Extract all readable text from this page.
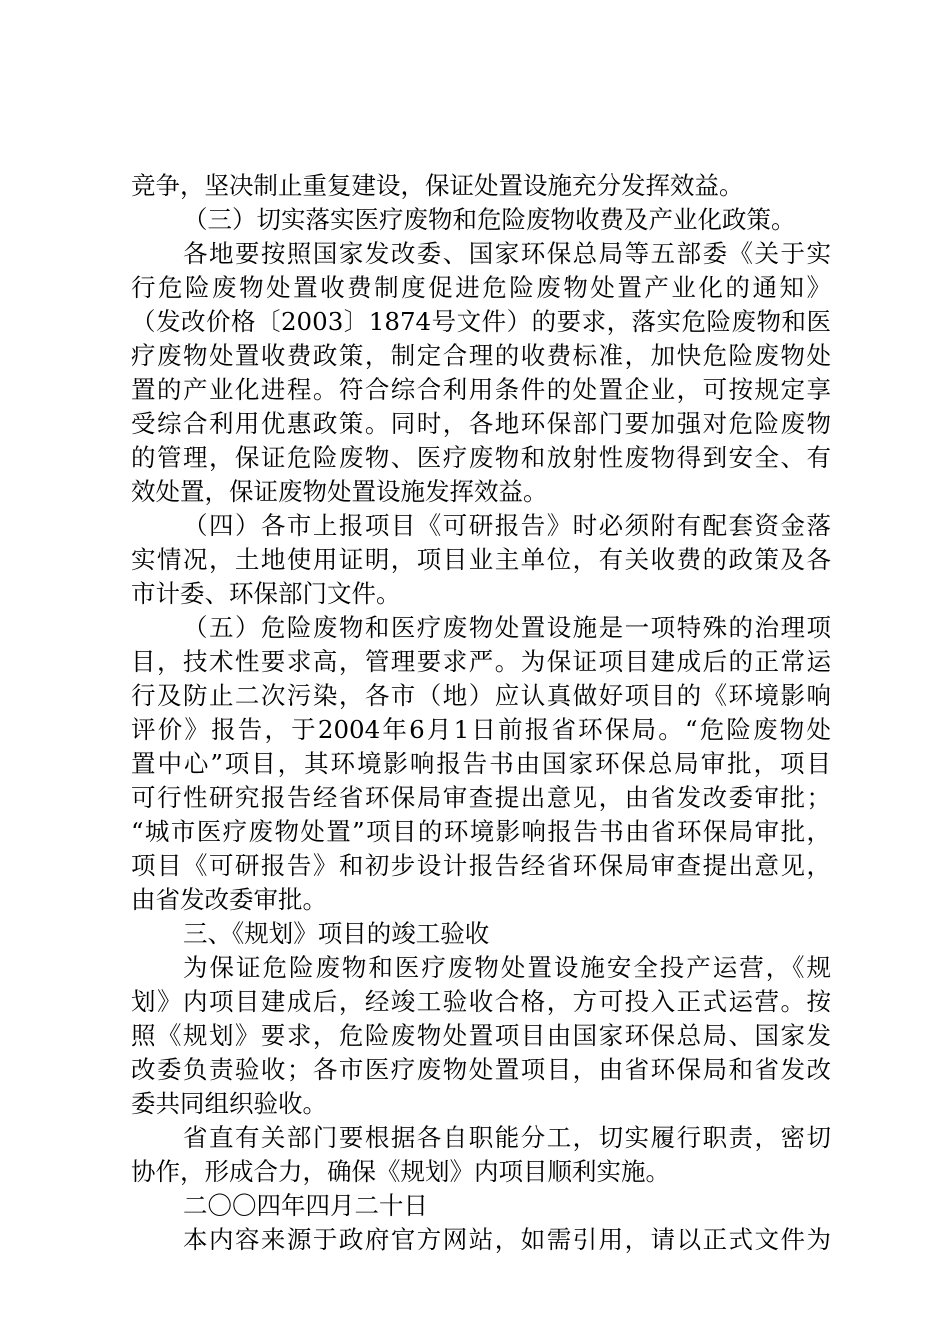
竞争，坚决制止重复建设，保证处置设施充分发挥效益。
（三）切实落实医疗废物和危险废物收费及产业化政策。
各地要按照国家发改委、国家环保总局等五部委《关于实
行危险废物处置收费制度促进危险废物处置产业化的通知》
（发改价格〔2003〕1874号文件）的要求，落实危险废物和医
疗废物处置收费政策，制定合理的收费标准，加快危险废物处
置的产业化进程。符合综合利用条件的处置企业，可按规定享
受综合利用优惠政策。同时，各地环保部门要加强对危险废物
的管理，保证危险废物、医疗废物和放射性废物得到安全、有
效处置，保证废物处置设施发挥效益。
（四）各市上报项目《可研报告》时必须附有配套资金落
实情况，土地使用证明，项目业主单位，有关收费的政策及各
市计委、环保部门文件。
（五）危险废物和医疗废物处置设施是一项特殊的治理项
目，技术性要求高，管理要求严。为保证项目建成后的正常运
行及防止二次污染，各市（地）应认真做好项目的《环境影响
评价》报告，于2004年6月1日前报省环保局。“危险废物处
置中心”项目，其环境影响报告书由国家环保总局审批，项目
可行性研究报告经省环保局审查提出意见，由省发改委审批；
“城市医疗废物处置”项目的环境影响报告书由省环保局审批，
项目《可研报告》和初步设计报告经省环保局审查提出意见，
由省发改委审批。
三、《规划》项目的竣工验收
为保证危险废物和医疗废物处置设施安全投产运营，《规
划》内项目建成后，经竣工验收合格，方可投入正式运营。按
照《规划》要求，危险废物处置项目由国家环保总局、国家发
改委负责验收；各市医疗废物处置项目，由省环保局和省发改
委共同组织验收。
省直有关部门要根据各自职能分工，切实履行职责，密切
协作，形成合力，确保《规划》内项目顺利实施。
二〇〇四年四月二十日
本内容来源于政府官方网站，如需引用，请以正式文件为
